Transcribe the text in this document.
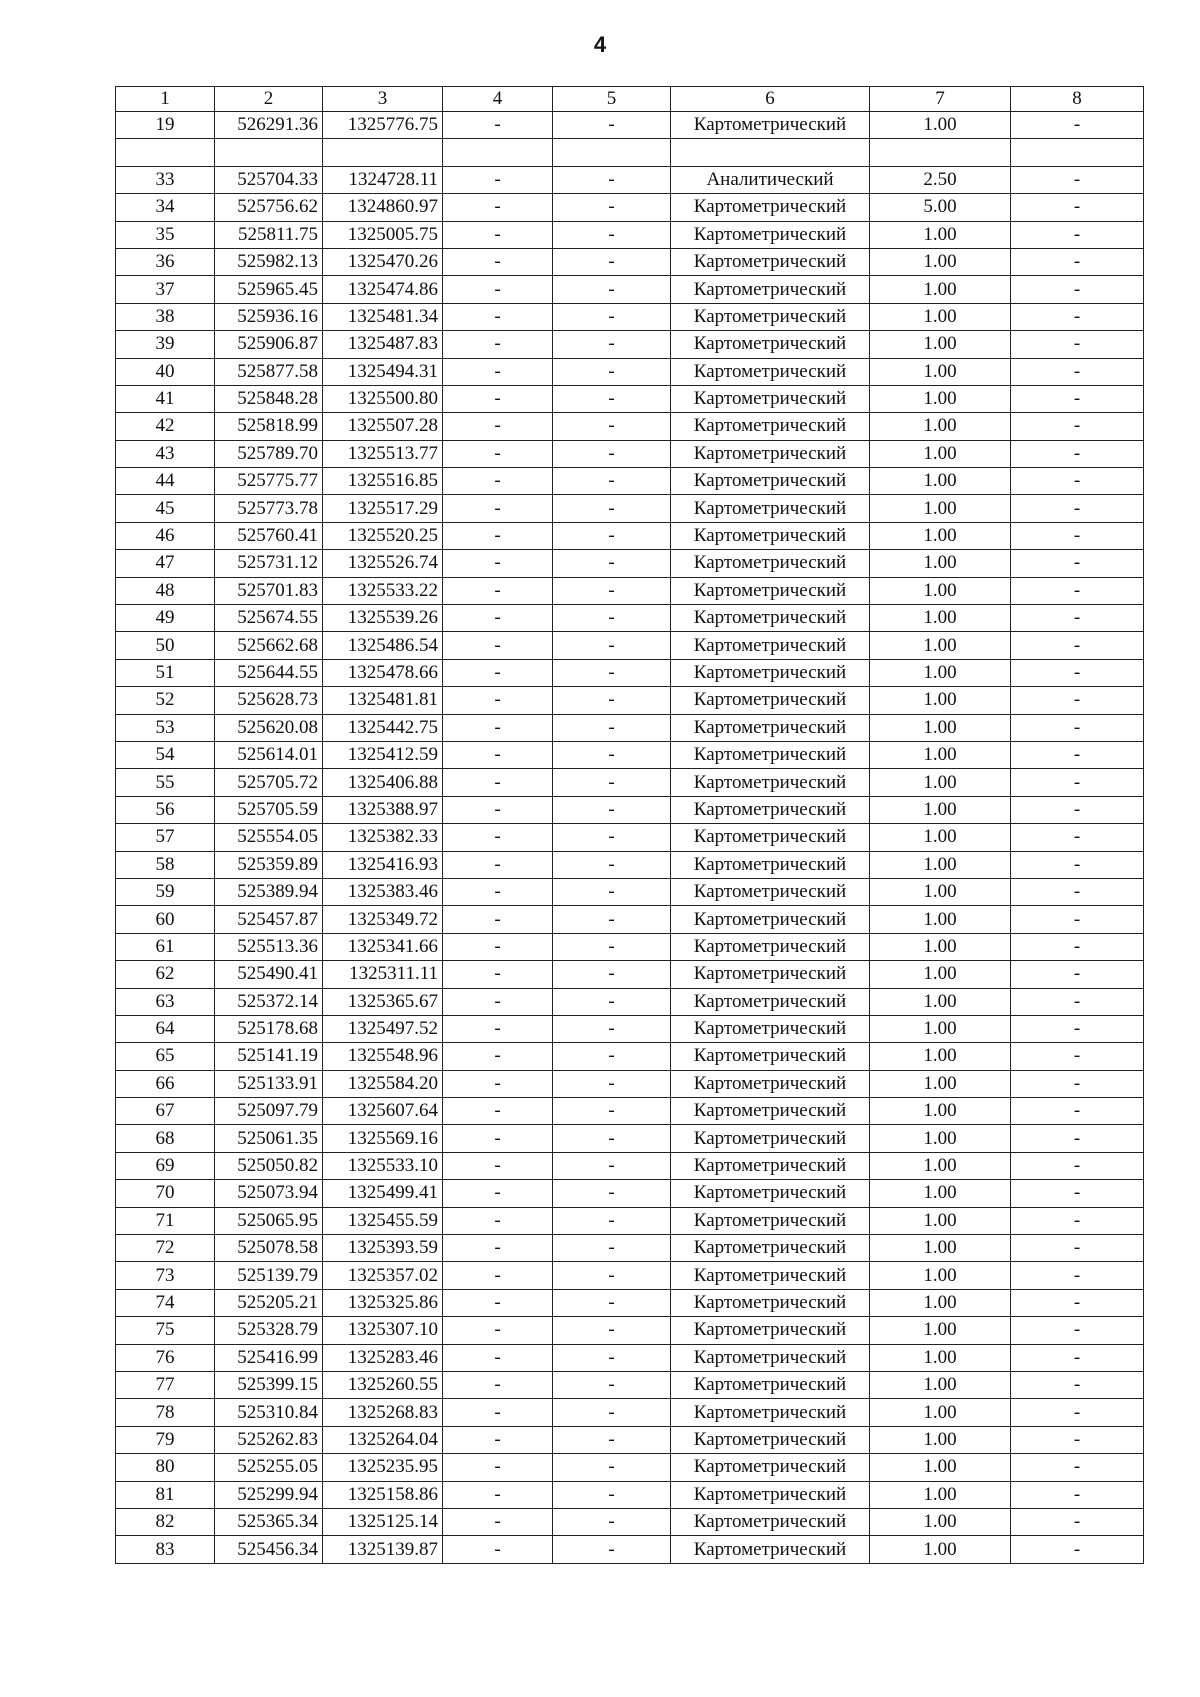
4
1	2	3	4	5	6	7	8
19	526291.36	1325776.75	-	-	Картометрический	1.00	-

33	525704.33	1324728.11	-	-	Аналитический	2.50	-
34	525756.62	1324860.97	-	-	Картометрический	5.00	-
35	525811.75	1325005.75	-	-	Картометрический	1.00	-
36	525982.13	1325470.26	-	-	Картометрический	1.00	-
37	525965.45	1325474.86	-	-	Картометрический	1.00	-
38	525936.16	1325481.34	-	-	Картометрический	1.00	-
39	525906.87	1325487.83	-	-	Картометрический	1.00	-
40	525877.58	1325494.31	-	-	Картометрический	1.00	-
41	525848.28	1325500.80	-	-	Картометрический	1.00	-
42	525818.99	1325507.28	-	-	Картометрический	1.00	-
43	525789.70	1325513.77	-	-	Картометрический	1.00	-
44	525775.77	1325516.85	-	-	Картометрический	1.00	-
45	525773.78	1325517.29	-	-	Картометрический	1.00	-
46	525760.41	1325520.25	-	-	Картометрический	1.00	-
47	525731.12	1325526.74	-	-	Картометрический	1.00	-
48	525701.83	1325533.22	-	-	Картометрический	1.00	-
49	525674.55	1325539.26	-	-	Картометрический	1.00	-
50	525662.68	1325486.54	-	-	Картометрический	1.00	-
51	525644.55	1325478.66	-	-	Картометрический	1.00	-
52	525628.73	1325481.81	-	-	Картометрический	1.00	-
53	525620.08	1325442.75	-	-	Картометрический	1.00	-
54	525614.01	1325412.59	-	-	Картометрический	1.00	-
55	525705.72	1325406.88	-	-	Картометрический	1.00	-
56	525705.59	1325388.97	-	-	Картометрический	1.00	-
57	525554.05	1325382.33	-	-	Картометрический	1.00	-
58	525359.89	1325416.93	-	-	Картометрический	1.00	-
59	525389.94	1325383.46	-	-	Картометрический	1.00	-
60	525457.87	1325349.72	-	-	Картометрический	1.00	-
61	525513.36	1325341.66	-	-	Картометрический	1.00	-
62	525490.41	1325311.11	-	-	Картометрический	1.00	-
63	525372.14	1325365.67	-	-	Картометрический	1.00	-
64	525178.68	1325497.52	-	-	Картометрический	1.00	-
65	525141.19	1325548.96	-	-	Картометрический	1.00	-
66	525133.91	1325584.20	-	-	Картометрический	1.00	-
67	525097.79	1325607.64	-	-	Картометрический	1.00	-
68	525061.35	1325569.16	-	-	Картометрический	1.00	-
69	525050.82	1325533.10	-	-	Картометрический	1.00	-
70	525073.94	1325499.41	-	-	Картометрический	1.00	-
71	525065.95	1325455.59	-	-	Картометрический	1.00	-
72	525078.58	1325393.59	-	-	Картометрический	1.00	-
73	525139.79	1325357.02	-	-	Картометрический	1.00	-
74	525205.21	1325325.86	-	-	Картометрический	1.00	-
75	525328.79	1325307.10	-	-	Картометрический	1.00	-
76	525416.99	1325283.46	-	-	Картометрический	1.00	-
77	525399.15	1325260.55	-	-	Картометрический	1.00	-
78	525310.84	1325268.83	-	-	Картометрический	1.00	-
79	525262.83	1325264.04	-	-	Картометрический	1.00	-
80	525255.05	1325235.95	-	-	Картометрический	1.00	-
81	525299.94	1325158.86	-	-	Картометрический	1.00	-
82	525365.34	1325125.14	-	-	Картометрический	1.00	-
83	525456.34	1325139.87	-	-	Картометрический	1.00	-
